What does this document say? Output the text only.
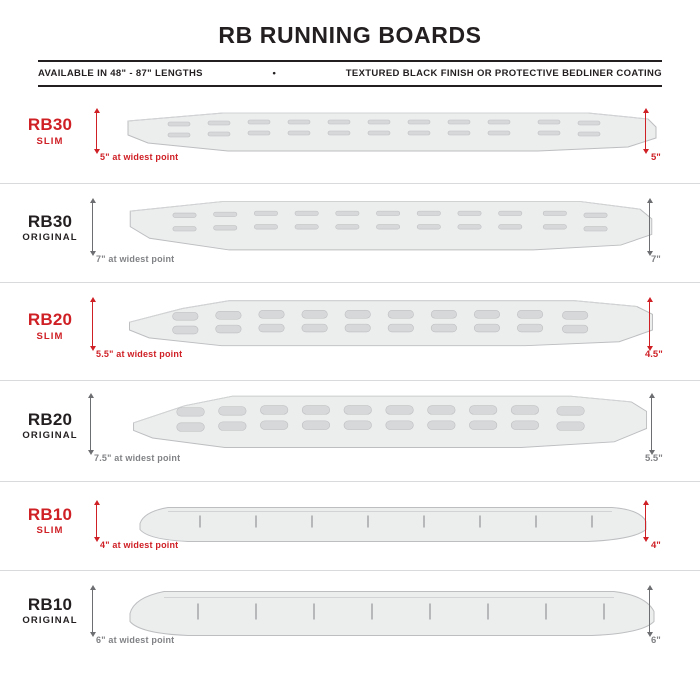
RB RUNNING BOARDS
AVAILABLE IN 48" - 87" LENGTHS	•	TEXTURED BLACK FINISH OR PROTECTIVE BEDLINER COATING
RB30
SLIM
5" at widest point	5"
RB30
ORIGINAL
7" at widest point	7"
RB20
SLIM
5.5" at widest point	4.5"
RB20
ORIGINAL
7.5" at widest point	5.5"
RB10
SLIM
4" at widest point	4"
RB10
ORIGINAL
6" at widest point	6"
